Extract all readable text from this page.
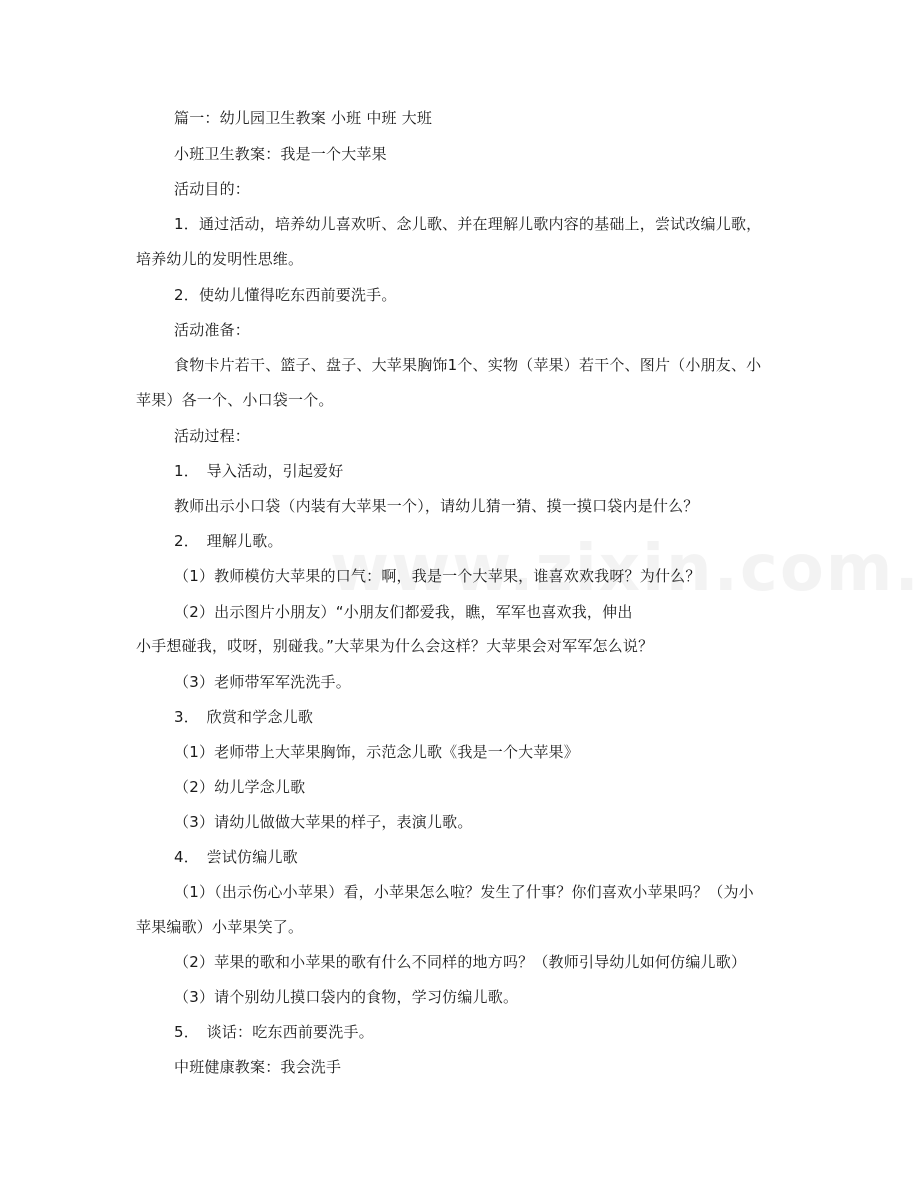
篇一：幼儿园卫生教案 小班 中班 大班
小班卫生教案：我是一个大苹果
活动目的：
1．通过活动，培养幼儿喜欢听、念儿歌、并在理解儿歌内容的基础上，尝试改编儿歌，
培养幼儿的发明性思维。
2．使幼儿懂得吃东西前要洗手。
活动准备：
食物卡片若干、篮子、盘子、大苹果胸饰1个、实物（苹果）若干个、图片（小朋友、小
苹果）各一个、小口袋一个。
活动过程：
1．　导入活动，引起爱好
教师出示小口袋（内装有大苹果一个），请幼儿猜一猜、摸一摸口袋内是什么？
2．　理解儿歌。
（1）教师模仿大苹果的口气：啊，我是一个大苹果，谁喜欢欢我呀？为什么？
（2）出示图片小朋友）“小朋友们都爱我，瞧，军军也喜欢我，伸出
小手想碰我，哎呀，别碰我。”大苹果为什么会这样？大苹果会对军军怎么说？
（3）老师带军军洗洗手。
3．　欣赏和学念儿歌
（1）老师带上大苹果胸饰，示范念儿歌《我是一个大苹果》
（2）幼儿学念儿歌
（3）请幼儿做做大苹果的样子，表演儿歌。
4．　尝试仿编儿歌
（1）（出示伤心小苹果）看，小苹果怎么啦？发生了什事？你们喜欢小苹果吗？（为小
苹果编歌）小苹果笑了。
（2）苹果的歌和小苹果的歌有什么不同样的地方吗？（教师引导幼儿如何仿编儿歌）
（3）请个别幼儿摸口袋内的食物，学习仿编儿歌。
5．　谈话：吃东西前要洗手。
中班健康教案：我会洗手
